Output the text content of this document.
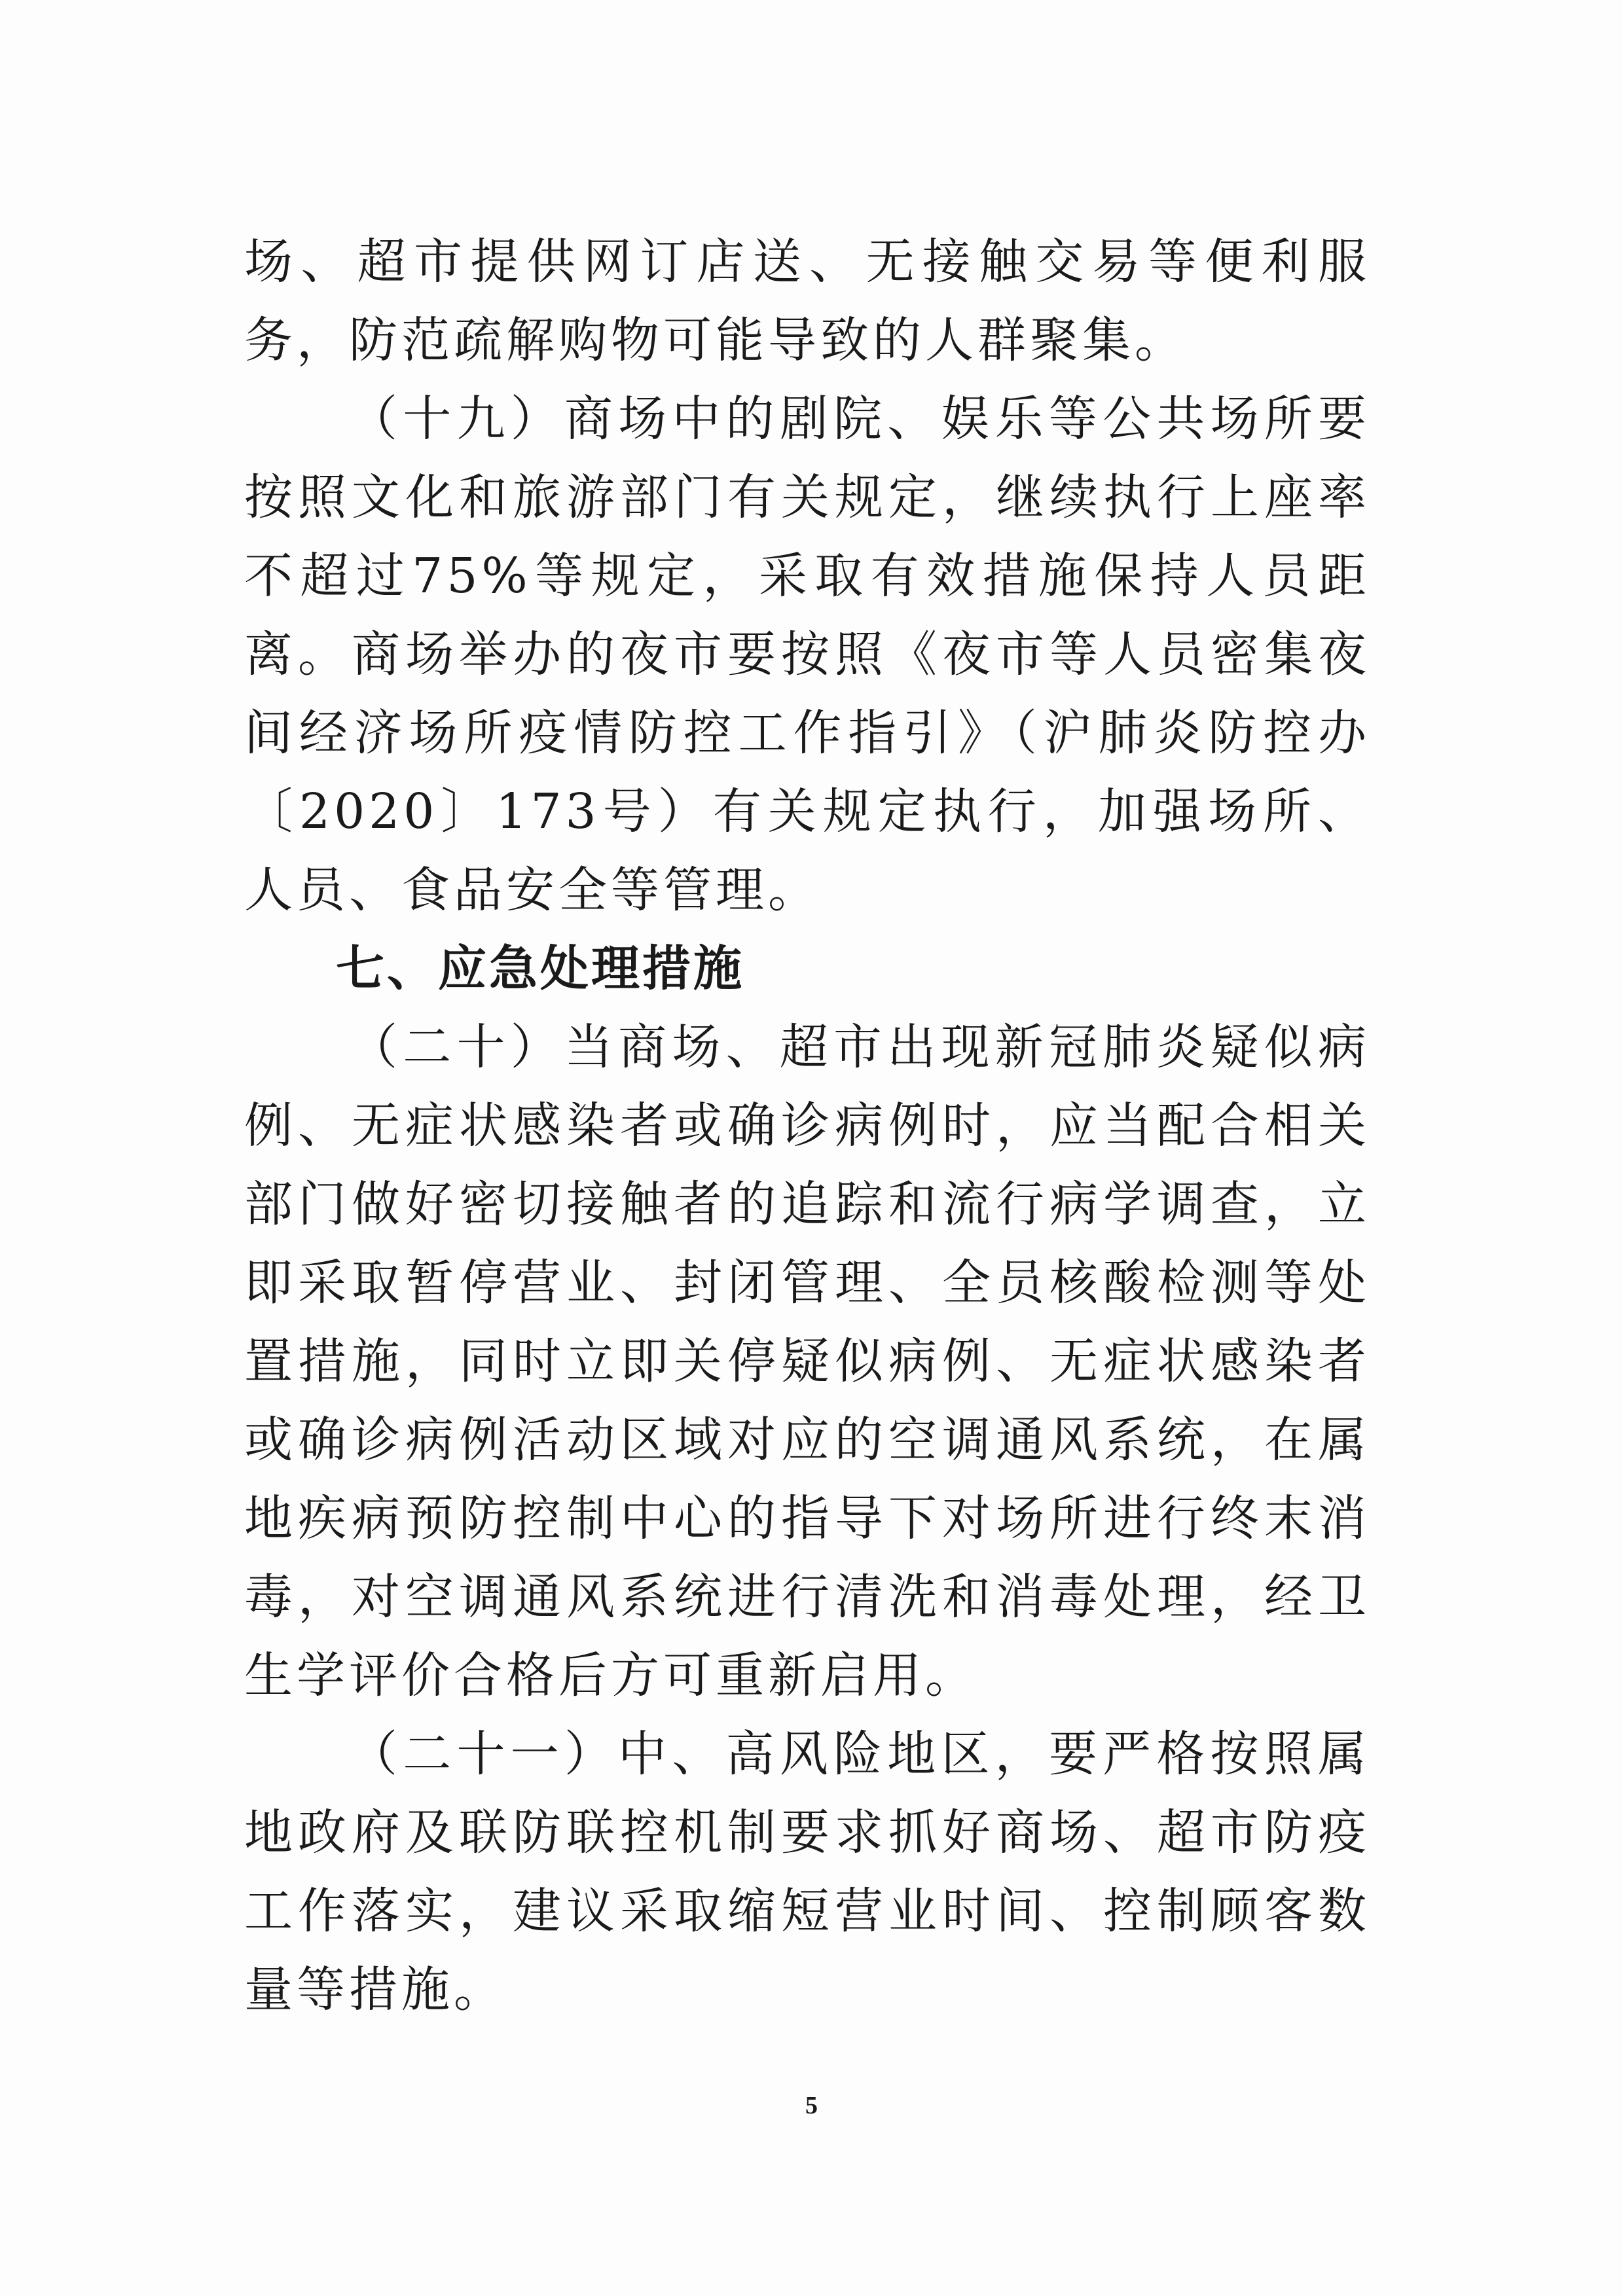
场、超市提供网订店送、无接触交易等便利服务，防范疏解购物可能导致的人群聚集。

（十九）商场中的剧院、娱乐等公共场所要按照文化和旅游部门有关规定，继续执行上座率不超过75%等规定，采取有效措施保持人员距离。商场举办的夜市要按照《夜市等人员密集夜间经济场所疫情防控工作指引》（沪肺炎防控办〔2020〕173号）有关规定执行，加强场所、人员、食品安全等管理。

七、应急处理措施

（二十）当商场、超市出现新冠肺炎疑似病例、无症状感染者或确诊病例时，应当配合相关部门做好密切接触者的追踪和流行病学调查，立即采取暂停营业、封闭管理、全员核酸检测等处置措施，同时立即关停疑似病例、无症状感染者或确诊病例活动区域对应的空调通风系统，在属地疾病预防控制中心的指导下对场所进行终末消毒，对空调通风系统进行清洗和消毒处理，经卫生学评价合格后方可重新启用。

（二十一）中、高风险地区，要严格按照属地政府及联防联控机制要求抓好商场、超市防疫工作落实，建议采取缩短营业时间、控制顾客数量等措施。

5
